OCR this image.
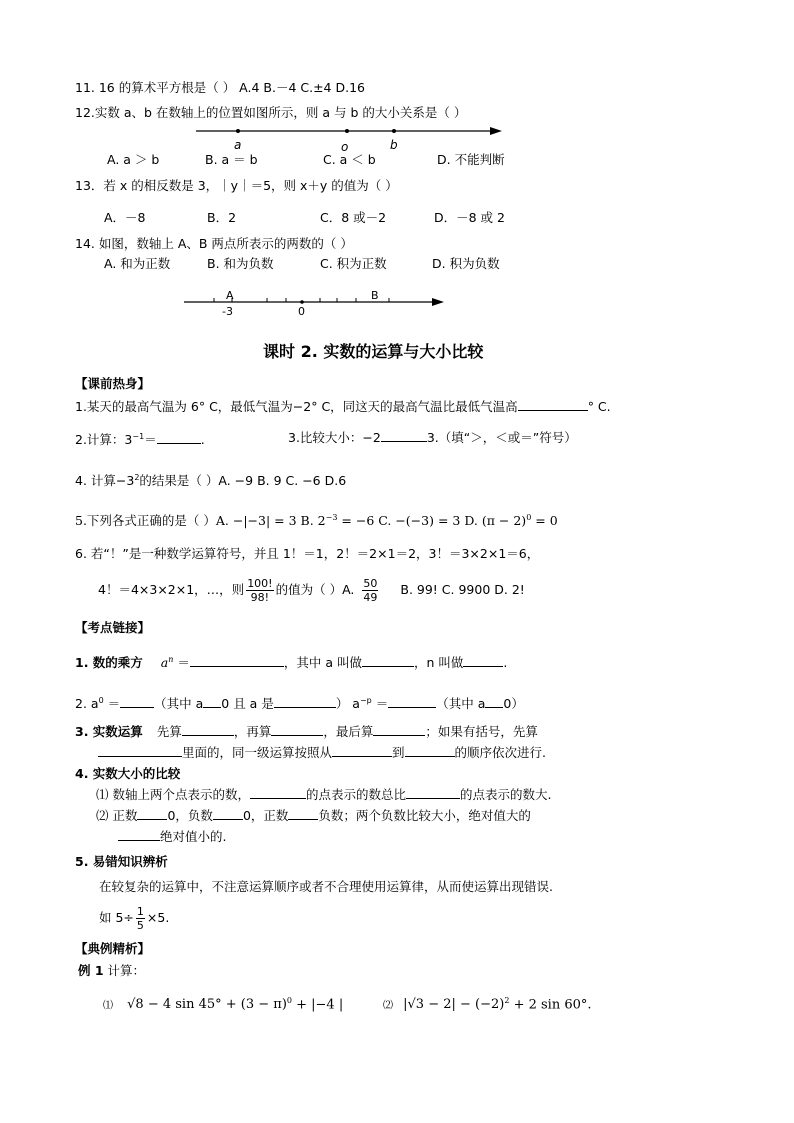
11. 16 的算术平方根是（ ） A.4 B.－4 C.±4 D.16
12.实数 a、b 在数轴上的位置如图所示，则 a 与 b 的大小关系是（ ）
a	o	b
A. a ＞ b	B. a ＝ b	C. a ＜ b	D. 不能判断
13．若 x 的相反数是 3，｜y｜＝5，则 x＋y 的值为（ ）
A．－8	B．2	C．8 或－2	D．－8 或 2
14. 如图，数轴上 A、B 两点所表示的两数的（ ）
A. 和为正数	B. 和为负数	C. 积为正数	D. 积为负数
A	B
-3	0
课时 2. 实数的运算与大小比较
【课前热身】
1.某天的最高气温为 6° C，最低气温为−2° C，同这天的最高气温比最低气温高	° C.
2.计算：$3^{-1}=$	.	3.比较大小：−2	3.（填“＞，＜或＝”符号）
4. 计算$-3^2$的结果是（ ）A. −9 B. 9 C. −6 D.6
5.下列各式正确的是（ ）A. −|−3| = 3 B. $2^{-3} = -6$ C. −(−3) = 3 D. $(\pi - 2)^0 = 0$
6. 若“！”是一种数学运算符号，并且 1！＝1，2！＝2×1＝2，3！＝3×2×1＝6，
4！＝4×3×2×1，…，则 $\frac{100!}{98!}$ 的值为（ ）A. $\frac{50}{49} B$. 99! C. 9900 D. 2!
【考点链接】
1. 数的乘方 $a^n$ ＝	，其中 a 叫做	，n 叫做	.
2. $a^0$ ＝	（其中 a 0 且 a 是	） $a^{-p}$ ＝	（其中 a 0）
3. 实数运算 先算	，再算	，最后算	；如果有括号，先算
里面的，同一级运算按照从	到	的顺序依次进行.
4. 实数大小的比较
⑴ 数轴上两个点表示的数，	的点表示的数总比	的点表示的数大.
⑵ 正数 0，负数 0，正数 负数；两个负数比较大小，绝对值大的
绝对值小的.
5. 易错知识辨析
在较复杂的运算中，不注意运算顺序或者不合理使用运算律，从而使运算出现错误.
如 $5\div \frac{1}{5} \times 5$.
【典例精析】
例 1 计算：
⑴ √8 − 4 $\sin 45^\circ + (3 - \pi)^0 + |-4$ |	⑵ $|√3 - 2| - (-2)^2 + 2$ sin 60°.
